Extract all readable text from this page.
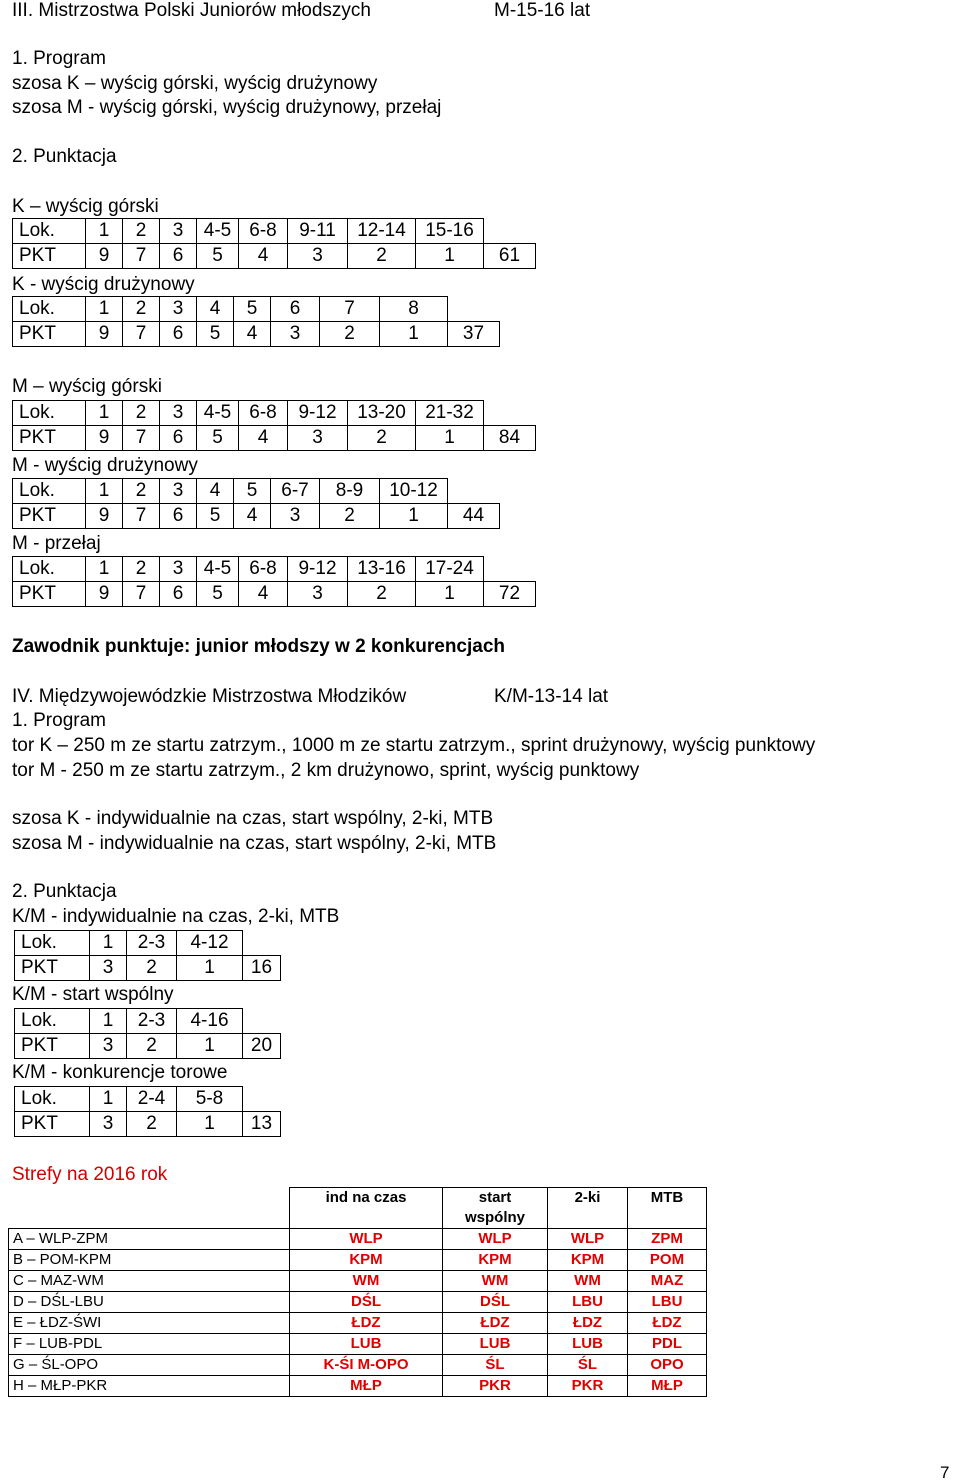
III. Mistrzostwa Polski Juniorów młodszych	M-15-16 lat
1. Program
szosa K – wyścig górski, wyścig drużynowy
szosa M - wyścig górski, wyścig drużynowy, przełaj
2. Punktacja
K – wyścig górski
Lok.	1	2	3	4-5	6-8	9-11	12-14	15-16	
PKT	9	7	6	5	4	3	2	1	61
K - wyścig drużynowy
Lok.	1	2	3	4	5	6	7	8	
PKT	9	7	6	5	4	3	2	1	37
M – wyścig górski
Lok.	1	2	3	4-5	6-8	9-12	13-20	21-32	
PKT	9	7	6	5	4	3	2	1	84
M - wyścig drużynowy
Lok.	1	2	3	4	5	6-7	8-9	10-12	
PKT	9	7	6	5	4	3	2	1	44
M - przełaj
Lok.	1	2	3	4-5	6-8	9-12	13-16	17-24	
PKT	9	7	6	5	4	3	2	1	72
Zawodnik punktuje: junior młodszy w 2 konkurencjach
IV. Międzywojewódzkie Mistrzostwa Młodzików	K/M-13-14 lat
1. Program
tor K – 250 m ze startu zatrzym., 1000 m ze startu zatrzym., sprint drużynowy, wyścig punktowy
tor M - 250 m ze startu zatrzym., 2 km drużynowo, sprint, wyścig punktowy
szosa K - indywidualnie na czas, start wspólny, 2-ki, MTB
szosa M - indywidualnie na czas, start wspólny, 2-ki, MTB
2. Punktacja
K/M - indywidualnie na czas, 2-ki, MTB
Lok.	1	2-3	4-12	
PKT	3	2	1	16
K/M - start wspólny
Lok.	1	2-3	4-16	
PKT	3	2	1	20
K/M - konkurencje torowe
Lok.	1	2-4	5-8	
PKT	3	2	1	13
Strefy na 2016 rok
	ind na czas	start wspólny	2-ki	MTB
A – WLP-ZPM	WLP	WLP	WLP	ZPM
B – POM-KPM	KPM	KPM	KPM	POM
C – MAZ-WM	WM	WM	WM	MAZ
D – DŚL-LBU	DŚL	DŚL	LBU	LBU
E – ŁDZ-ŚWI	ŁDZ	ŁDZ	ŁDZ	ŁDZ
F – LUB-PDL	LUB	LUB	LUB	PDL
G – ŚL-OPO	K-ŚI M-OPO	ŚL	ŚL	OPO
H – MŁP-PKR	MŁP	PKR	PKR	MŁP
7
